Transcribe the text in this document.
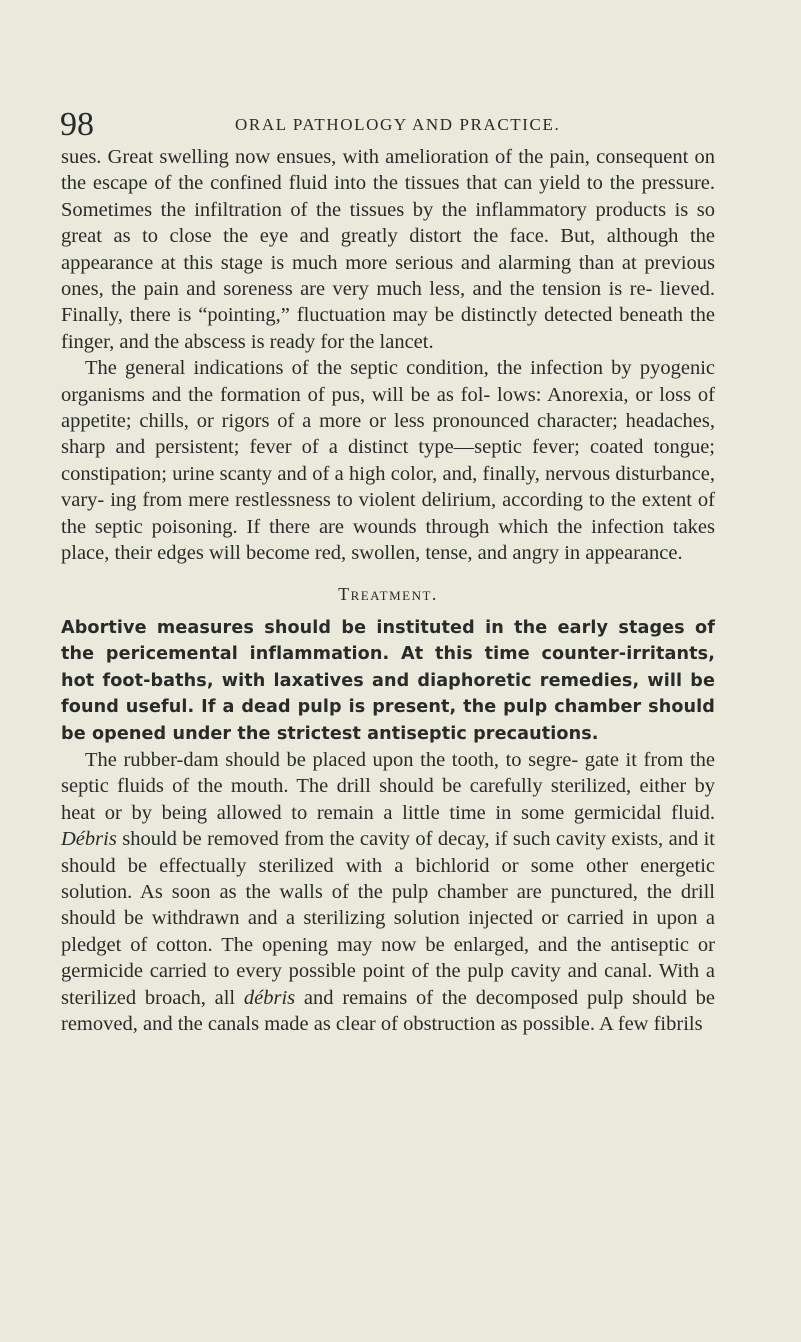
98	ORAL PATHOLOGY AND PRACTICE.

sues. Great swelling now ensues, with amelioration of the pain, consequent on the escape of the confined fluid into the tissues that can yield to the pressure. Sometimes the infiltration of the tissues by the inflammatory products is so great as to close the eye and greatly distort the face. But, although the appearance at this stage is much more serious and alarming than at previous ones, the pain and soreness are very much less, and the tension is re- lieved. Finally, there is “pointing,” fluctuation may be distinctly detected beneath the finger, and the abscess is ready for the lancet.

The general indications of the septic condition, the infection by pyogenic organisms and the formation of pus, will be as fol- lows: Anorexia, or loss of appetite; chills, or rigors of a more or less pronounced character; headaches, sharp and persistent; fever of a distinct type—septic fever; coated tongue; constipation; urine scanty and of a high color, and, finally, nervous disturbance, vary- ing from mere restlessness to violent delirium, according to the extent of the septic poisoning. If there are wounds through which the infection takes place, their edges will become red, swollen, tense, and angry in appearance.

Treatment.

Abortive measures should be instituted in the early stages of the pericemental inflammation. At this time counter-irritants, hot foot-baths, with laxatives and diaphoretic remedies, will be found useful. If a dead pulp is present, the pulp chamber should be opened under the strictest antiseptic precautions.

The rubber-dam should be placed upon the tooth, to segre- gate it from the septic fluids of the mouth. The drill should be carefully sterilized, either by heat or by being allowed to remain a little time in some germicidal fluid. Débris should be removed from the cavity of decay, if such cavity exists, and it should be effectually sterilized with a bichlorid or some other energetic solution. As soon as the walls of the pulp chamber are punctured, the drill should be withdrawn and a sterilizing solution injected or carried in upon a pledget of cotton. The opening may now be enlarged, and the antiseptic or germicide carried to every possible point of the pulp cavity and canal. With a sterilized broach, all débris and remains of the decomposed pulp should be removed, and the canals made as clear of obstruction as possible. A few fibrils
